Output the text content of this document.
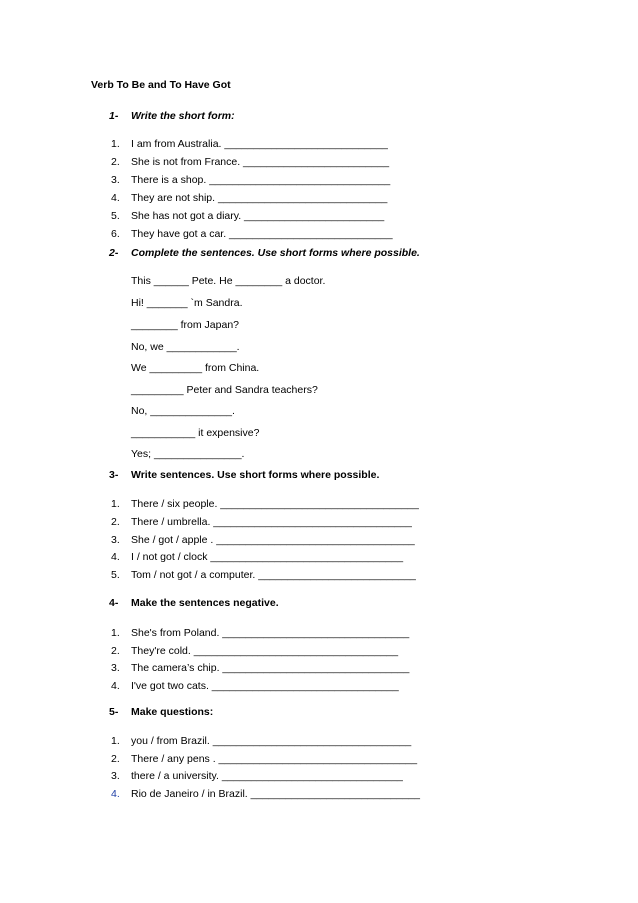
Verb To Be and To Have Got
1- Write the short form:
1. I am from Australia. ____________________________
2. She is not from France. _________________________
3. There is a shop. _______________________________
4. They are not ship. _____________________________
5. She has not got a diary. ________________________
6. They have got a car. ____________________________
2- Complete the sentences. Use short forms where possible.
This ______ Pete. He ________ a doctor.
Hi! _______ `m Sandra.
________ from Japan?
No, we ____________.
We _________ from China.
_________ Peter and Sandra teachers?
No, ______________.
___________ it expensive?
Yes; _______________.
3- Write sentences. Use short forms where possible.
1. There / six people. __________________________________
2. There / umbrella. __________________________________
3. She / got / apple . __________________________________
4. I / not got / clock _________________________________
5. Tom / not got / a computer. ___________________________
4- Make the sentences negative.
1. She's from Poland. ________________________________
2. They're cold. ___________________________________
3. The camera’s chip. ________________________________
4. I've got two cats. ________________________________
5- Make questions:
1. you / from Brazil. __________________________________
2. There / any pens . __________________________________
3. there / a university. _______________________________
4. Rio de Janeiro / in Brazil. _____________________________
